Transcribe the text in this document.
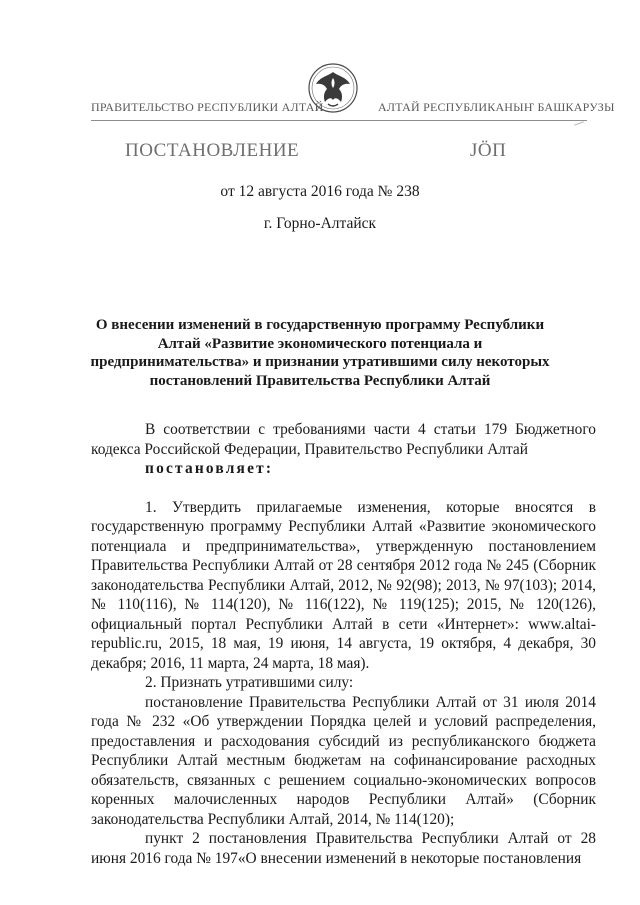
ПРАВИТЕЛЬСТВО РЕСПУБЛИКИ АЛТАЙ	АЛТАЙ РЕСПУБЛИКАНЫҤ БАШКАРУЗЫ
ПОСТАНОВЛЕНИЕ	ЈӦП
от 12 августа 2016 года № 238
г. Горно-Алтайск
О внесении изменений в государственную программу Республики Алтай «Развитие экономического потенциала и предпринимательства» и признании утратившими силу некоторых постановлений Правительства Республики Алтай

В соответствии с требованиями части 4 статьи 179 Бюджетного кодекса Российской Федерации, Правительство Республики Алтай
постановляет:

1. Утвердить прилагаемые изменения, которые вносятся в государственную программу Республики Алтай «Развитие экономического потенциала и предпринимательства», утвержденную постановлением Правительства Республики Алтай от 28 сентября 2012 года № 245 (Сборник законодательства Республики Алтай, 2012, № 92(98); 2013, № 97(103); 2014, № 110(116), № 114(120), № 116(122), № 119(125); 2015, № 120(126), официальный портал Республики Алтай в сети «Интернет»: www.altai-republic.ru, 2015, 18 мая, 19 июня, 14 августа, 19 октября, 4 декабря, 30 декабря; 2016, 11 марта, 24 марта, 18 мая).

2. Признать утратившими силу:

постановление Правительства Республики Алтай от 31 июля 2014 года № 232 «Об утверждении Порядка целей и условий распределения, предоставления и расходования субсидий из республиканского бюджета Республики Алтай местным бюджетам на софинансирование расходных обязательств, связанных с решением социально-экономических вопросов коренных малочисленных народов Республики Алтай» (Сборник законодательства Республики Алтай, 2014, № 114(120);

пункт 2 постановления Правительства Республики Алтай от 28 июня 2016 года № 197«О внесении изменений в некоторые постановления
